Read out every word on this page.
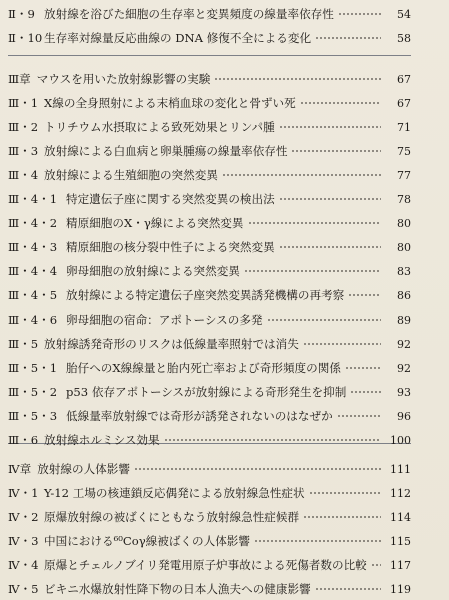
Ⅱ・9 放射線を浴びた細胞の生存率と変異頻度の線量率依存性	54
Ⅱ・10 生存率対線量反応曲線の DNA 修復不全による変化	58
Ⅲ章 マウスを用いた放射線影響の実験	67
Ⅲ・1 X線の全身照射による末梢血球の変化と骨ずい死	67
Ⅲ・2 トリチウム水摂取による致死効果とリンパ腫	71
Ⅲ・3 放射線による白血病と卵巣腫瘍の線量率依存性	75
Ⅲ・4 放射線による生殖細胞の突然変異	77
Ⅲ・4・1 特定遺伝子座に関する突然変異の検出法	78
Ⅲ・4・2 精原細胞のX・γ線による突然変異	80
Ⅲ・4・3 精原細胞の核分裂中性子による突然変異	80
Ⅲ・4・4 卵母細胞の放射線による突然変異	83
Ⅲ・4・5 放射線による特定遺伝子座突然変異誘発機構の再考察	86
Ⅲ・4・6 卵母細胞の宿命：アポトーシスの多発	89
Ⅲ・5 放射線誘発奇形のリスクは低線量率照射では消失	92
Ⅲ・5・1 胎仔へのX線線量と胎内死亡率および奇形頻度の関係	92
Ⅲ・5・2 p53 依存アポトーシスが放射線による奇形発生を抑制	93
Ⅲ・5・3 低線量率放射線では奇形が誘発されないのはなぜか	96
Ⅲ・6 放射線ホルミシス効果	100
Ⅳ章 放射線の人体影響	111
Ⅳ・1 Y-12 工場の核連鎖反応偶発による放射線急性症状	112
Ⅳ・2 原爆放射線の被ばくにともなう放射線急性症候群	114
Ⅳ・3 中国における⁶⁰Coγ線被ばくの人体影響	115
Ⅳ・4 原爆とチェルノブイリ発電用原子炉事故による死傷者数の比較	117
Ⅳ・5 ビキニ水爆放射性降下物の日本人漁夫への健康影響	119
